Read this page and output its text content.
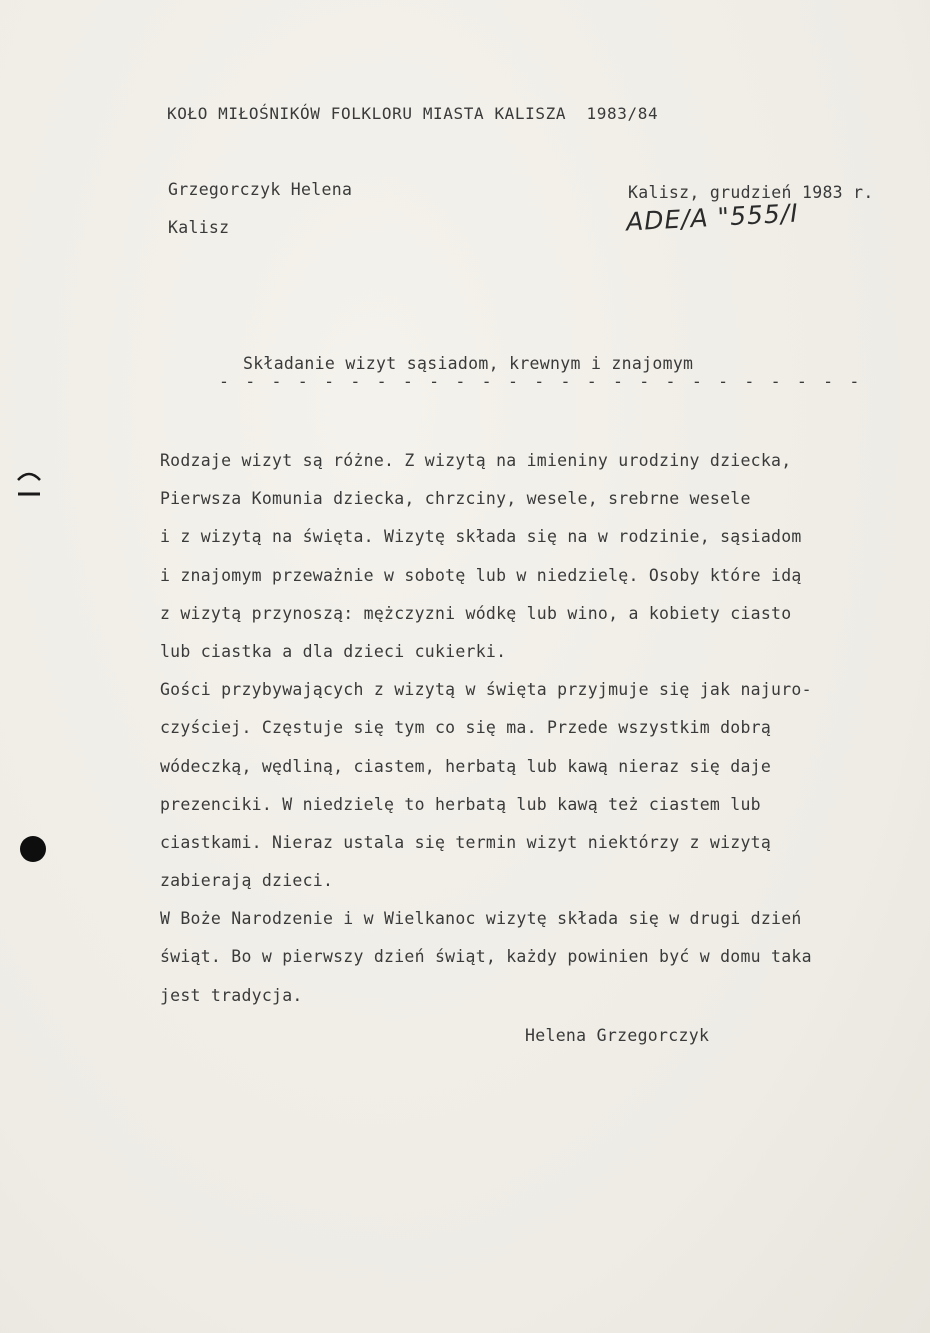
KOŁO MIŁOŚNIKÓW FOLKLORU MIASTA KALISZA  1983/84
Grzegorczyk Helena
Kalisz
Kalisz, grudzień 1983 r.
ADE/A "555/I
Składanie wizyt sąsiadom, krewnym i znajomym
- - - - - - - - - - - - - - - - - - - - - - - - -
Rodzaje wizyt są różne. Z wizytą na imieniny urodziny dziecka,
Pierwsza Komunia dziecka, chrzciny, wesele, srebrne wesele
i z wizytą na święta. Wizytę składa się na w rodzinie, sąsiadom
i znajomym przeważnie w sobotę lub w niedzielę. Osoby które idą
z wizytą przynoszą: mężczyzni wódkę lub wino, a kobiety ciasto
lub ciastka a dla dzieci cukierki.
Gości przybywających z wizytą w święta przyjmuje się jak najuro-
czyściej. Częstuje się tym co się ma. Przede wszystkim dobrą
wódeczką, wędliną, ciastem, herbatą lub kawą nieraz się daje
prezenciki. W niedzielę to herbatą lub kawą też ciastem lub
ciastkami. Nieraz ustala się termin wizyt niektórzy z wizytą
zabierają dzieci.
W Boże Narodzenie i w Wielkanoc wizytę składa się w drugi dzień
świąt. Bo w pierwszy dzień świąt, każdy powinien być w domu taka
jest tradycja.
Helena Grzegorczyk
